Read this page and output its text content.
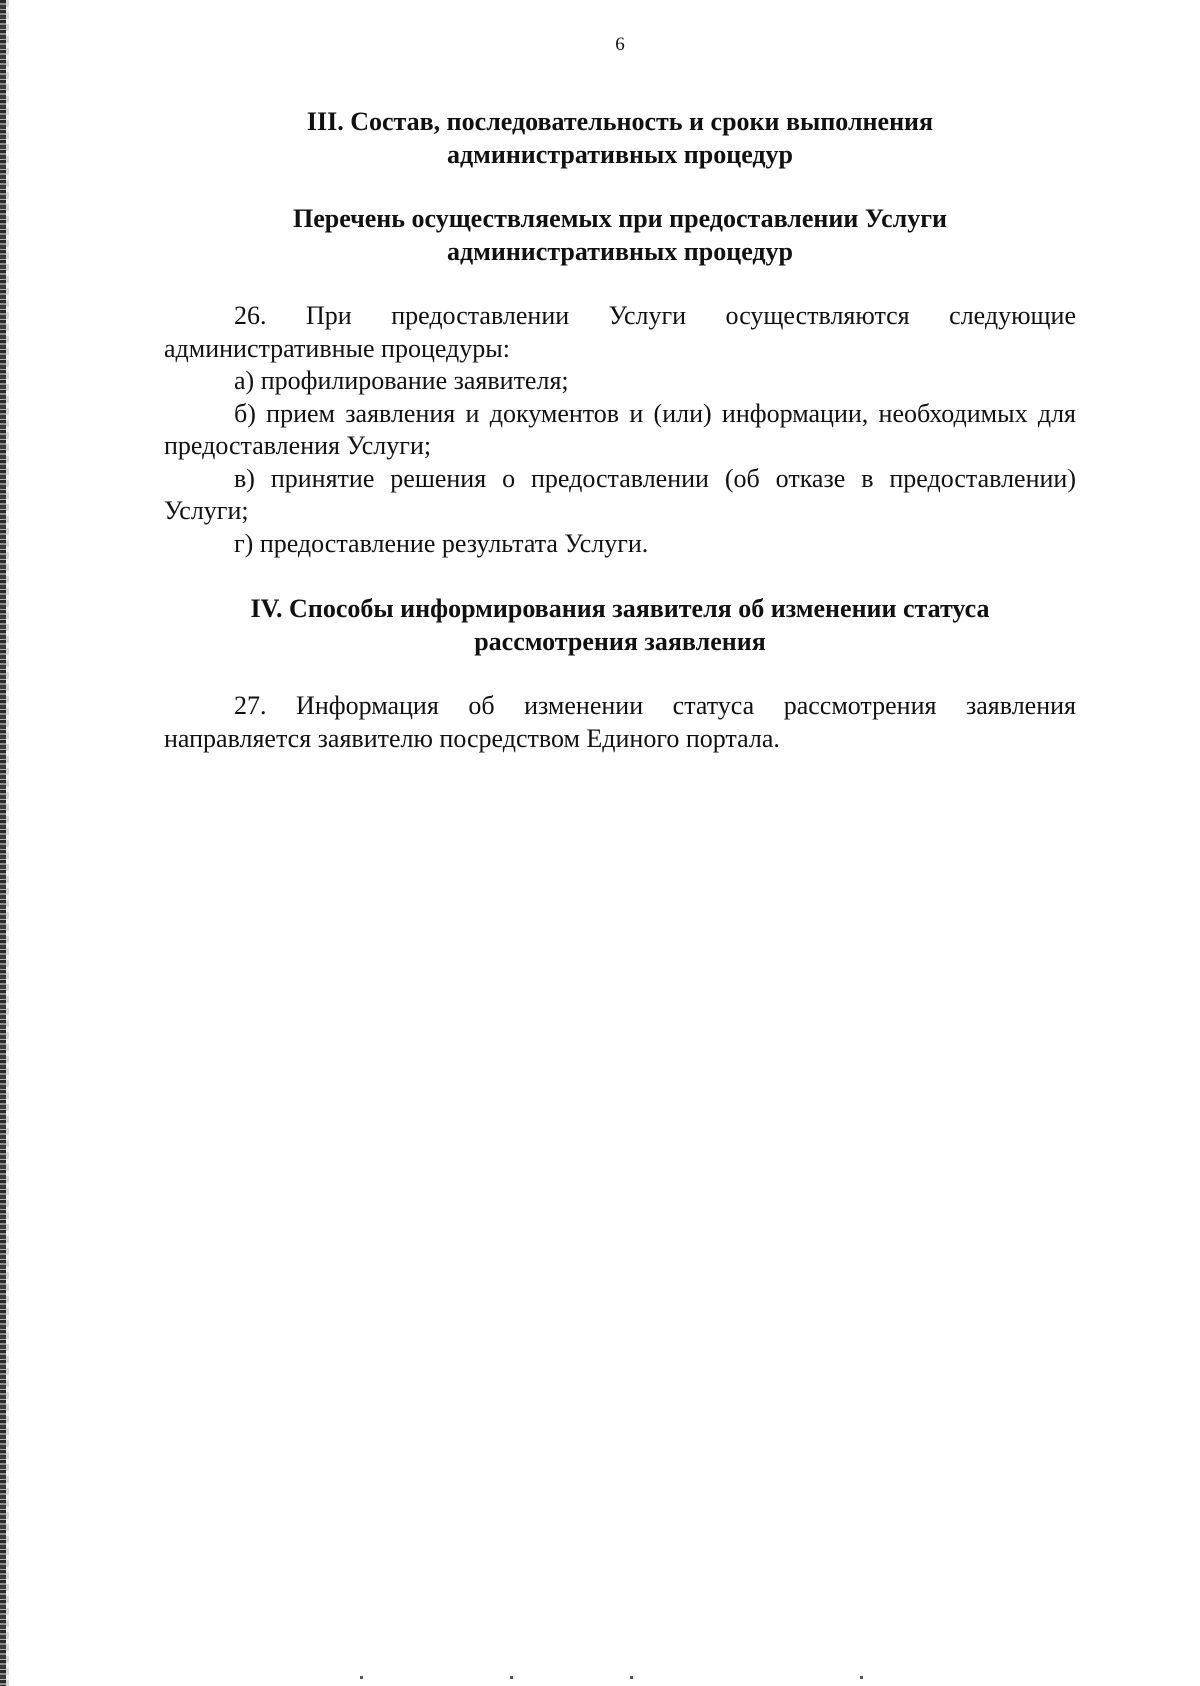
6
III. Состав, последовательность и сроки выполнения
административных процедур
Перечень осуществляемых при предоставлении Услуги
административных процедур

26. При предоставлении Услуги осуществляются следующие административные процедуры:

а) профилирование заявителя;

б) прием заявления и документов и (или) информации, необходимых для предоставления Услуги;

в) принятие решения о предоставлении (об отказе в предоставлении) Услуги;

г) предоставление результата Услуги.

IV. Способы информирования заявителя об изменении статуса
рассмотрения заявления

27. Информация об изменении статуса рассмотрения заявления направляется заявителю посредством Единого портала.
